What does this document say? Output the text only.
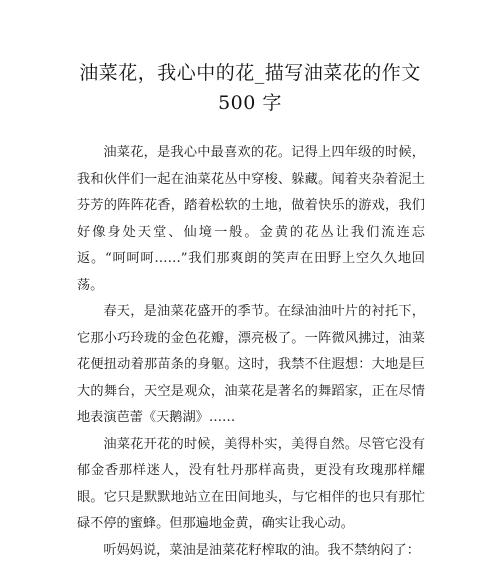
油菜花，我心中的花_描写油菜花的作文
500 字

油菜花，是我心中最喜欢的花。记得上四年级的时候，我和伙伴们一起在油菜花丛中穿梭、躲藏。闻着夹杂着泥土芬芳的阵阵花香，踏着松软的土地，做着快乐的游戏，我们好像身处天堂、仙境一般。金黄的花丛让我们流连忘返。“呵呵呵……”我们那爽朗的笑声在田野上空久久地回荡。

春天，是油菜花盛开的季节。在绿油油叶片的衬托下，它那小巧玲珑的金色花瓣，漂亮极了。一阵微风拂过，油菜花便扭动着那苗条的身躯。这时，我禁不住遐想：大地是巨大的舞台，天空是观众，油菜花是著名的舞蹈家，正在尽情地表演芭蕾《天鹅湖》……

油菜花开花的时候，美得朴实，美得自然。尽管它没有郁金香那样迷人，没有牡丹那样高贵，更没有玫瑰那样耀眼。它只是默默地站立在田间地头，与它相伴的也只有那忙碌不停的蜜蜂。但那遍地金黄，确实让我心动。

听妈妈说，菜油是油菜花籽榨取的油。我不禁纳闷了：
